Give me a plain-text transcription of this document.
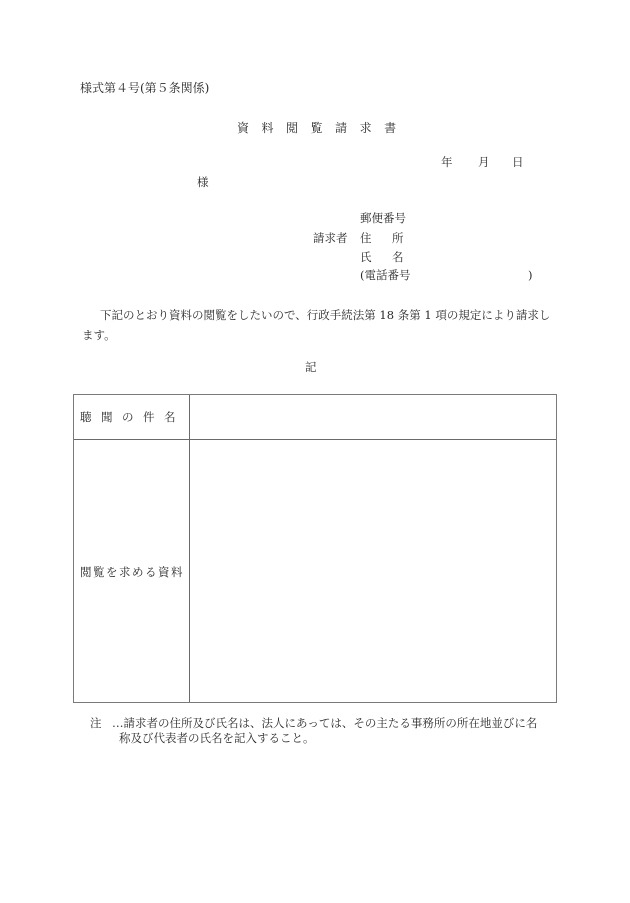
様式第４号(第５条関係)
資 料 閲 覧 請 求 書
年 月 日
様
請求者
郵便番号
住 所
氏 名
(電話番号	)
下記のとおり資料の閲覧をしたいので、行政手続法第 18 条第 1 項の規定により請求し
ます。
記
聴 聞 の 件 名
閲覧を求める資料
注 …請求者の住所及び氏名は、法人にあっては、その主たる事務所の所在地並びに名
称及び代表者の氏名を記入すること。
